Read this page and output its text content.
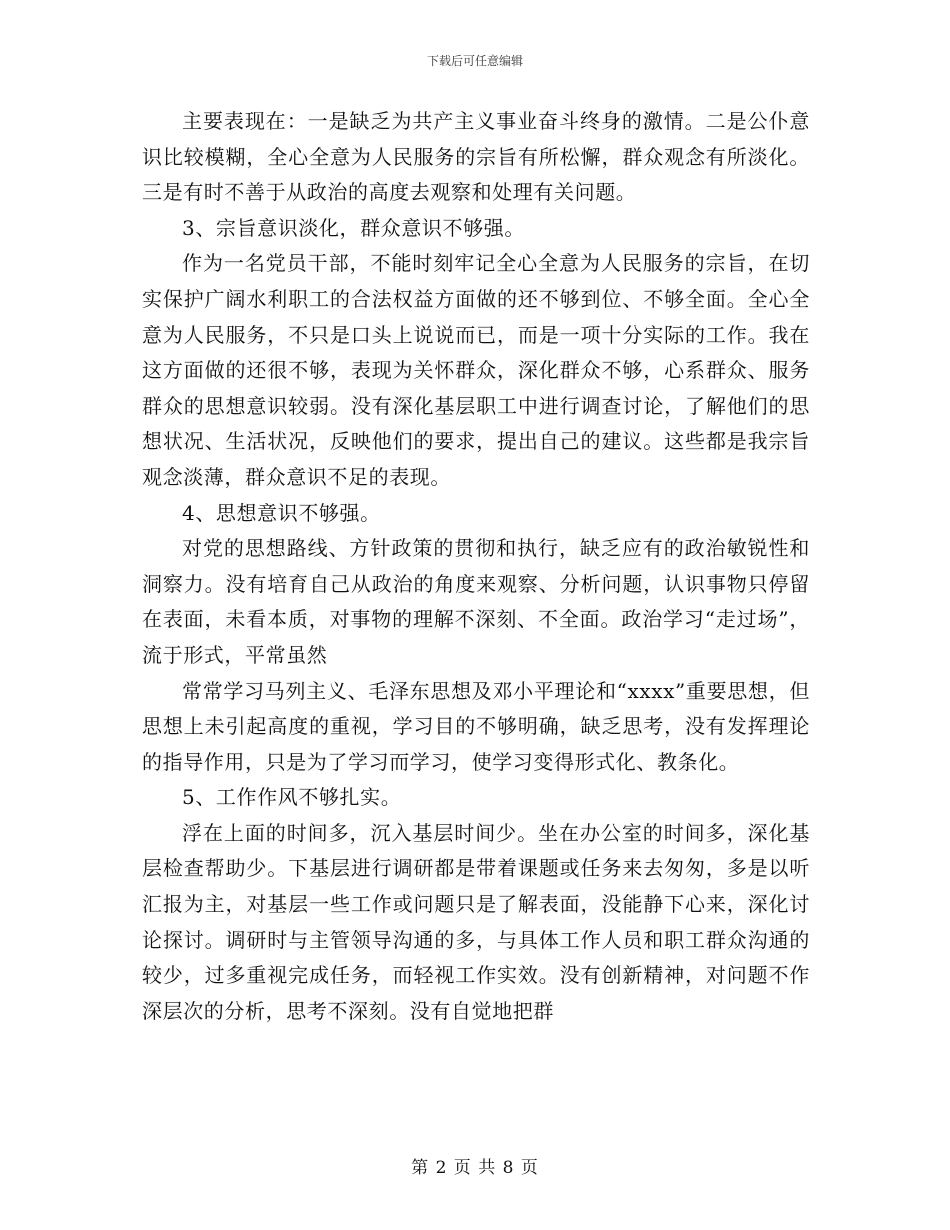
下载后可任意编辑

主要表现在：一是缺乏为共产主义事业奋斗终身的激情。二是公仆意识比较模糊，全心全意为人民服务的宗旨有所松懈，群众观念有所淡化。三是有时不善于从政治的高度去观察和处理有关问题。

3、宗旨意识淡化，群众意识不够强。

作为一名党员干部，不能时刻牢记全心全意为人民服务的宗旨，在切实保护广阔水利职工的合法权益方面做的还不够到位、不够全面。全心全意为人民服务，不只是口头上说说而已，而是一项十分实际的工作。我在这方面做的还很不够，表现为关怀群众，深化群众不够，心系群众、服务群众的思想意识较弱。没有深化基层职工中进行调查讨论，了解他们的思想状况、生活状况，反映他们的要求，提出自己的建议。这些都是我宗旨观念淡薄，群众意识不足的表现。

4、思想意识不够强。

对党的思想路线、方针政策的贯彻和执行，缺乏应有的政治敏锐性和洞察力。没有培育自己从政治的角度来观察、分析问题，认识事物只停留在表面，未看本质，对事物的理解不深刻、不全面。政治学习“走过场”，流于形式，平常虽然

常常学习马列主义、毛泽东思想及邓小平理论和“xxxx”重要思想，但思想上未引起高度的重视，学习目的不够明确，缺乏思考，没有发挥理论的指导作用，只是为了学习而学习，使学习变得形式化、教条化。

5、工作作风不够扎实。

浮在上面的时间多，沉入基层时间少。坐在办公室的时间多，深化基层检查帮助少。下基层进行调研都是带着课题或任务来去匆匆，多是以听汇报为主，对基层一些工作或问题只是了解表面，没能静下心来，深化讨论探讨。调研时与主管领导沟通的多，与具体工作人员和职工群众沟通的较少，过多重视完成任务，而轻视工作实效。没有创新精神，对问题不作深层次的分析，思考不深刻。没有自觉地把群

第 2 页 共 8 页
